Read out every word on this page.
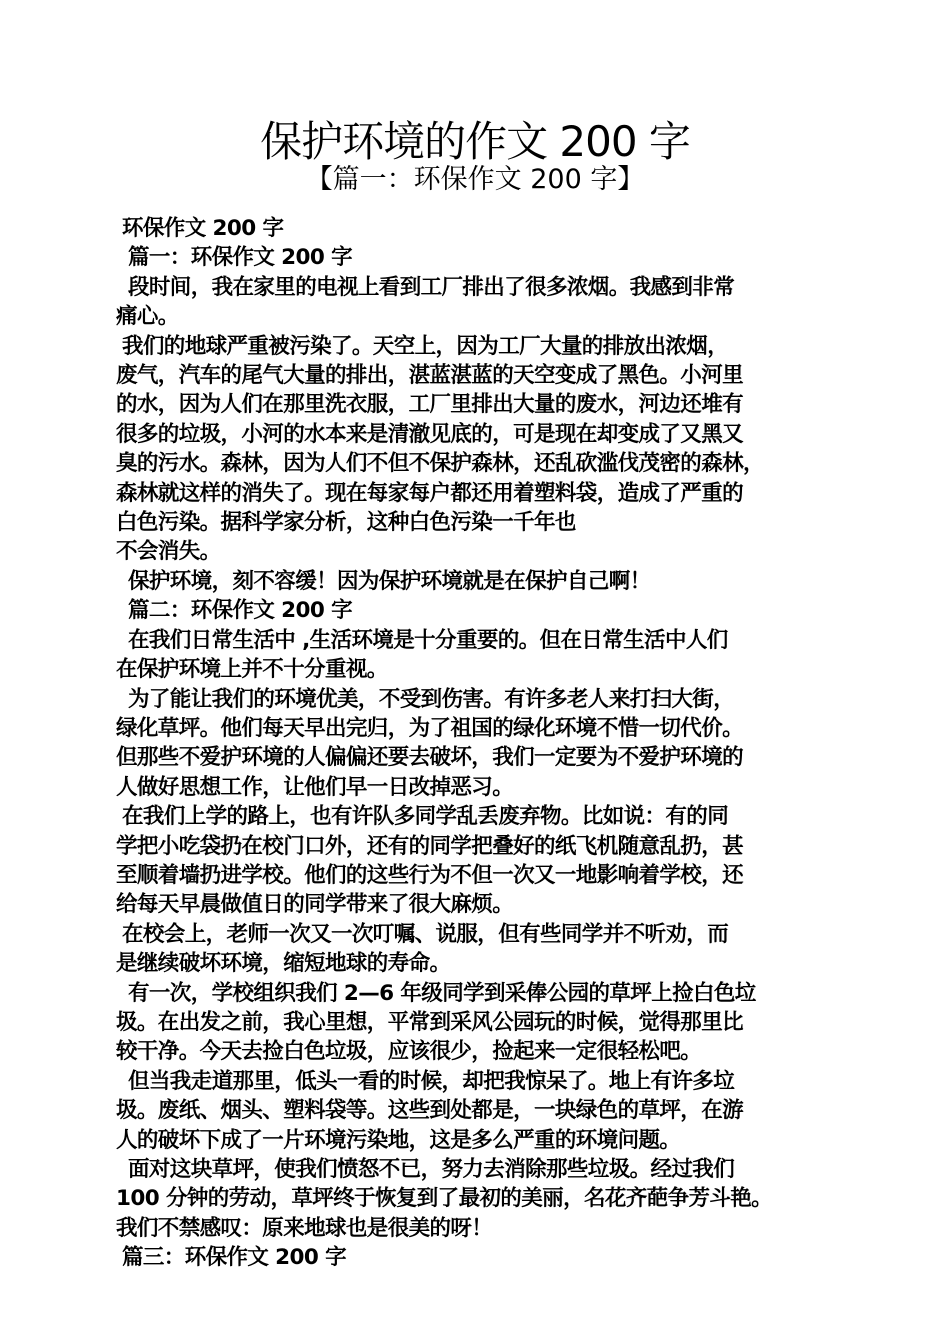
保护环境的作文 200 字
【篇一：环保作文 200 字】

环保作文 200 字

篇一：环保作文 200 字

段时间，我在家里的电视上看到工厂排出了很多浓烟。我感到非常

痛心。

我们的地球严重被污染了。天空上，因为工厂大量的排放出浓烟，

废气，汽车的尾气大量的排出，湛蓝湛蓝的天空变成了黑色。小河里

的水，因为人们在那里洗衣服，工厂里排出大量的废水，河边还堆有

很多的垃圾，小河的水本来是清澈见底的，可是现在却变成了又黑又

臭的污水。森林，因为人们不但不保护森林，还乱砍滥伐茂密的森林，

森林就这样的消失了。现在每家每户都还用着塑料袋，造成了严重的

白色污染。据科学家分析，这种白色污染一千年也

不会消失。

保护环境，刻不容缓！因为保护环境就是在保护自己啊！

篇二：环保作文 200 字

在我们日常生活中 ,生活环境是十分重要的。但在日常生活中人们

在保护环境上并不十分重视。

为了能让我们的环境优美，不受到伤害。有许多老人来打扫大街，

绿化草坪。他们每天早出完归，为了祖国的绿化环境不惜一切代价。

但那些不爱护环境的人偏偏还要去破坏，我们一定要为不爱护环境的

人做好思想工作，让他们早一日改掉恶习。

在我们上学的路上，也有许队多同学乱丢废弃物。比如说：有的同

学把小吃袋扔在校门口外，还有的同学把叠好的纸飞机随意乱扔，甚

至顺着墙扔进学校。他们的这些行为不但一次又一地影响着学校，还

给每天早晨做值日的同学带来了很大麻烦。

在校会上，老师一次又一次叮嘱、说服，但有些同学并不听劝，而

是继续破坏环境，缩短地球的寿命。

有一次，学校组织我们 2—6 年级同学到采俸公园的草坪上捡白色垃

圾。在出发之前，我心里想，平常到采风公园玩的时候，觉得那里比

较干净。今天去捡白色垃圾，应该很少，捡起来一定很轻松吧。

但当我走道那里，低头一看的时候，却把我惊呆了。地上有许多垃

圾。废纸、烟头、塑料袋等。这些到处都是，一块绿色的草坪，在游

人的破坏下成了一片环境污染地，这是多么严重的环境问题。

面对这块草坪，使我们愤怒不已，努力去消除那些垃圾。经过我们

100 分钟的劳动，草坪终于恢复到了最初的美丽，名花齐葩争芳斗艳。

我们不禁感叹：原来地球也是很美的呀！

篇三：环保作文 200 字
